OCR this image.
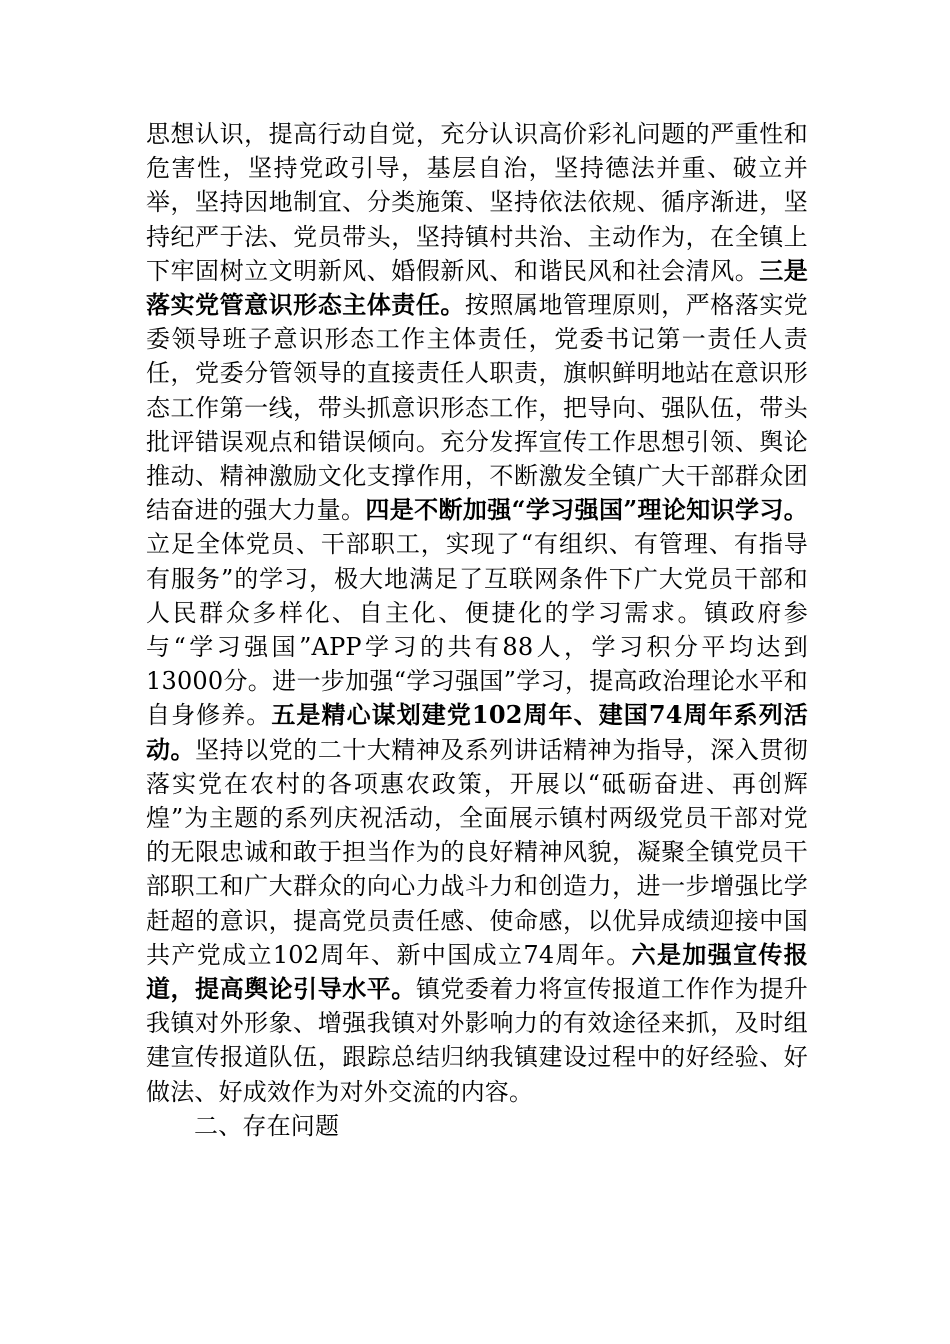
思想认识，提高行动自觉，充分认识高价彩礼问题的严重性和危害性，坚持党政引导，基层自治，坚持德法并重、破立并举，坚持因地制宜、分类施策、坚持依法依规、循序渐进，坚持纪严于法、党员带头，坚持镇村共治、主动作为，在全镇上下牢固树立文明新风、婚假新风、和谐民风和社会清风。三是落实党管意识形态主体责任。按照属地管理原则，严格落实党委领导班子意识形态工作主体责任，党委书记第一责任人责任，党委分管领导的直接责任人职责，旗帜鲜明地站在意识形态工作第一线，带头抓意识形态工作，把导向、强队伍，带头批评错误观点和错误倾向。充分发挥宣传工作思想引领、舆论推动、精神激励文化支撑作用，不断激发全镇广大干部群众团结奋进的强大力量。四是不断加强“学习强国”理论知识学习。立足全体党员、干部职工，实现了“有组织、有管理、有指导有服务”的学习，极大地满足了互联网条件下广大党员干部和人民群众多样化、自主化、便捷化的学习需求。镇政府参与“学习强国”APP学习的共有88人，学习积分平均达到13000分。进一步加强“学习强国”学习，提高政治理论水平和自身修养。五是精心谋划建党102周年、建国74周年系列活动。坚持以党的二十大精神及系列讲话精神为指导，深入贯彻落实党在农村的各项惠农政策，开展以“砥砺奋进、再创辉煌”为主题的系列庆祝活动，全面展示镇村两级党员干部对党的无限忠诚和敢于担当作为的良好精神风貌，凝聚全镇党员干部职工和广大群众的向心力战斗力和创造力，进一步增强比学赶超的意识，提高党员责任感、使命感，以优异成绩迎接中国共产党成立102周年、新中国成立74周年。六是加强宣传报道，提高舆论引导水平。镇党委着力将宣传报道工作作为提升我镇对外形象、增强我镇对外影响力的有效途径来抓，及时组建宣传报道队伍，跟踪总结归纳我镇建设过程中的好经验、好做法、好成效作为对外交流的内容。

二、存在问题
